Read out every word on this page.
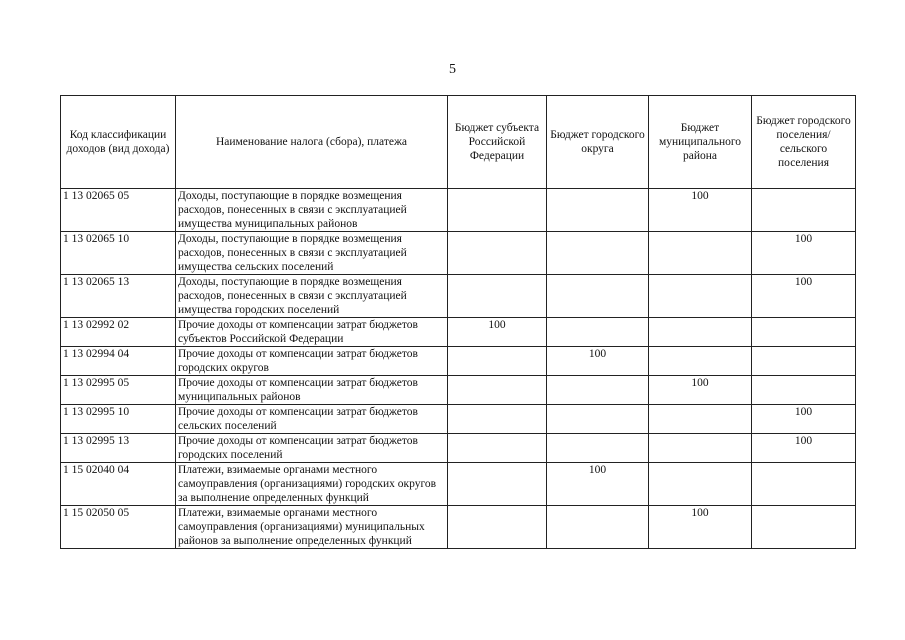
5
Код классификации доходов (вид дохода)	Наименование налога (сбора), платежа	Бюджет субъекта Российской Федерации	Бюджет городского округа	Бюджет муниципального района	Бюджет городского поселения/ сельского поселения
1 13 02065 05	Доходы, поступающие в порядке возмещения расходов, понесенных в связи с эксплуатацией имущества муниципальных районов			100	
1 13 02065 10	Доходы, поступающие в порядке возмещения расходов, понесенных в связи с эксплуатацией имущества сельских поселений				100
1 13 02065 13	Доходы, поступающие в порядке возмещения расходов, понесенных в связи с эксплуатацией имущества городских поселений				100
1 13 02992 02	Прочие доходы от компенсации затрат бюджетов субъектов Российской Федерации	100			
1 13 02994 04	Прочие доходы от компенсации затрат бюджетов городских округов		100		
1 13 02995 05	Прочие доходы от компенсации затрат бюджетов муниципальных районов			100	
1 13 02995 10	Прочие доходы от компенсации затрат бюджетов сельских поселений				100
1 13 02995 13	Прочие доходы от компенсации затрат бюджетов городских поселений				100
1 15 02040 04	Платежи, взимаемые органами местного самоуправления (организациями) городских округов за выполнение определенных функций		100		
1 15 02050 05	Платежи, взимаемые органами местного самоуправления (организациями) муниципальных районов за выполнение определенных функций			100	
